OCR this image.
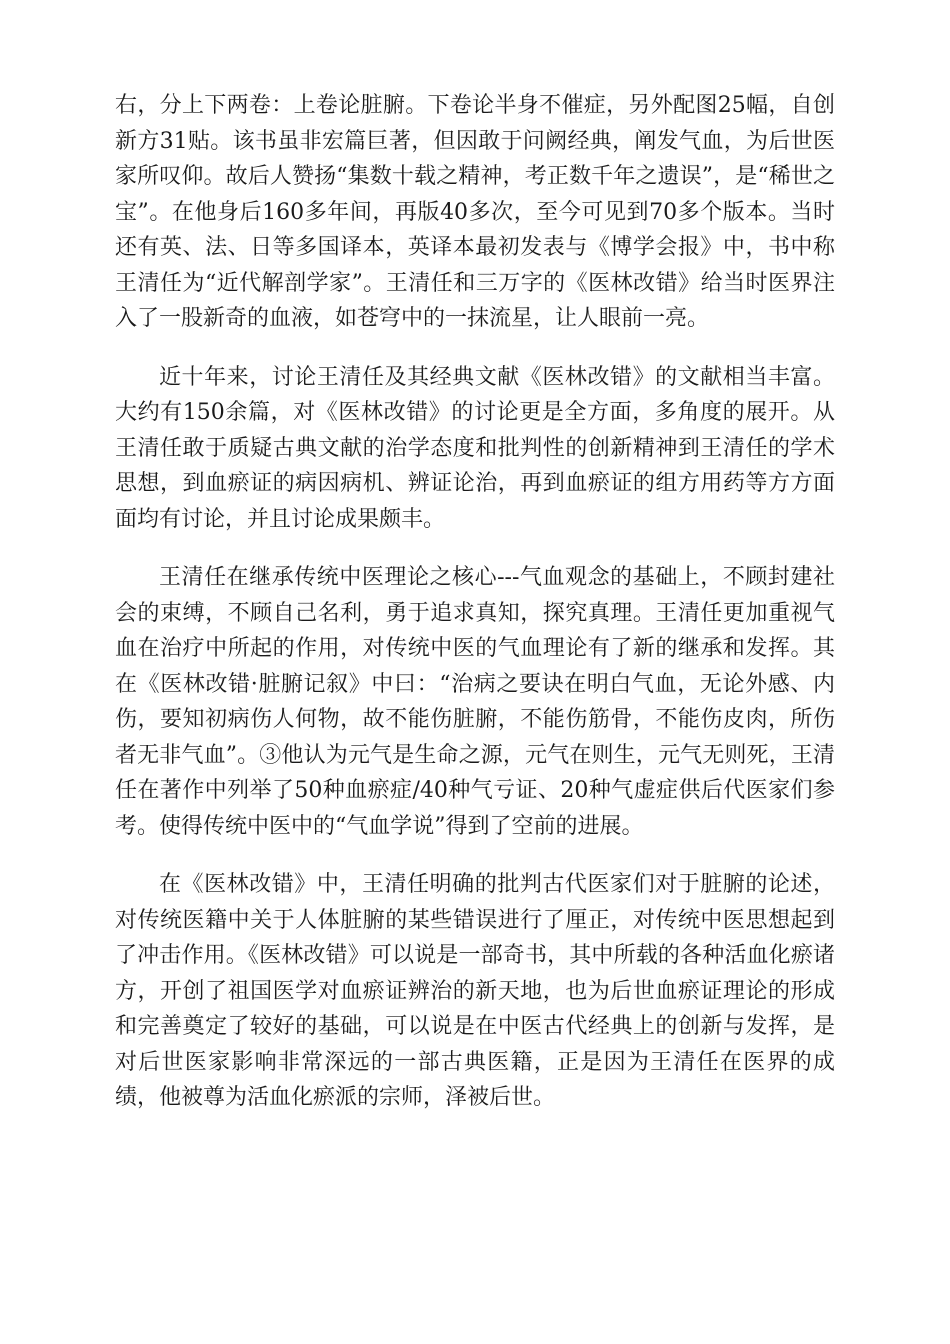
右，分上下两卷：上卷论脏腑。下卷论半身不催症，另外配图25幅，自创新方31贴。该书虽非宏篇巨著，但因敢于问阙经典，阐发气血，为后世医家所叹仰。故后人赞扬“集数十载之精神，考正数千年之遗误”，是“稀世之宝”。在他身后160多年间，再版40多次，至今可见到70多个版本。当时还有英、法、日等多国译本，英译本最初发表与《博学会报》中，书中称王清任为“近代解剖学家”。王清任和三万字的《医林改错》给当时医界注入了一股新奇的血液，如苍穹中的一抹流星，让人眼前一亮。

近十年来，讨论王清任及其经典文献《医林改错》的文献相当丰富。大约有150余篇，对《医林改错》的讨论更是全方面，多角度的展开。从王清任敢于质疑古典文献的治学态度和批判性的创新精神到王清任的学术思想，到血瘀证的病因病机、辨证论治，再到血瘀证的组方用药等方方面面均有讨论，并且讨论成果颇丰。

王清任在继承传统中医理论之核心---气血观念的基础上，不顾封建社会的束缚，不顾自己名利，勇于追求真知，探究真理。王清任更加重视气血在治疗中所起的作用，对传统中医的气血理论有了新的继承和发挥。其在《医林改错·脏腑记叙》中曰：“治病之要诀在明白气血，无论外感、内伤，要知初病伤人何物，故不能伤脏腑，不能伤筋骨，不能伤皮肉，所伤者无非气血”。③他认为元气是生命之源，元气在则生，元气无则死，王清任在著作中列举了50种血瘀症/40种气亏证、20种气虚症供后代医家们参考。使得传统中医中的“气血学说”得到了空前的进展。

在《医林改错》中，王清任明确的批判古代医家们对于脏腑的论述，对传统医籍中关于人体脏腑的某些错误进行了厘正，对传统中医思想起到了冲击作用。《医林改错》可以说是一部奇书，其中所载的各种活血化瘀诸方，开创了祖国医学对血瘀证辨治的新天地，也为后世血瘀证理论的形成和完善奠定了较好的基础，可以说是在中医古代经典上的创新与发挥，是对后世医家影响非常深远的一部古典医籍，正是因为王清任在医界的成绩，他被尊为活血化瘀派的宗师，泽被后世。
